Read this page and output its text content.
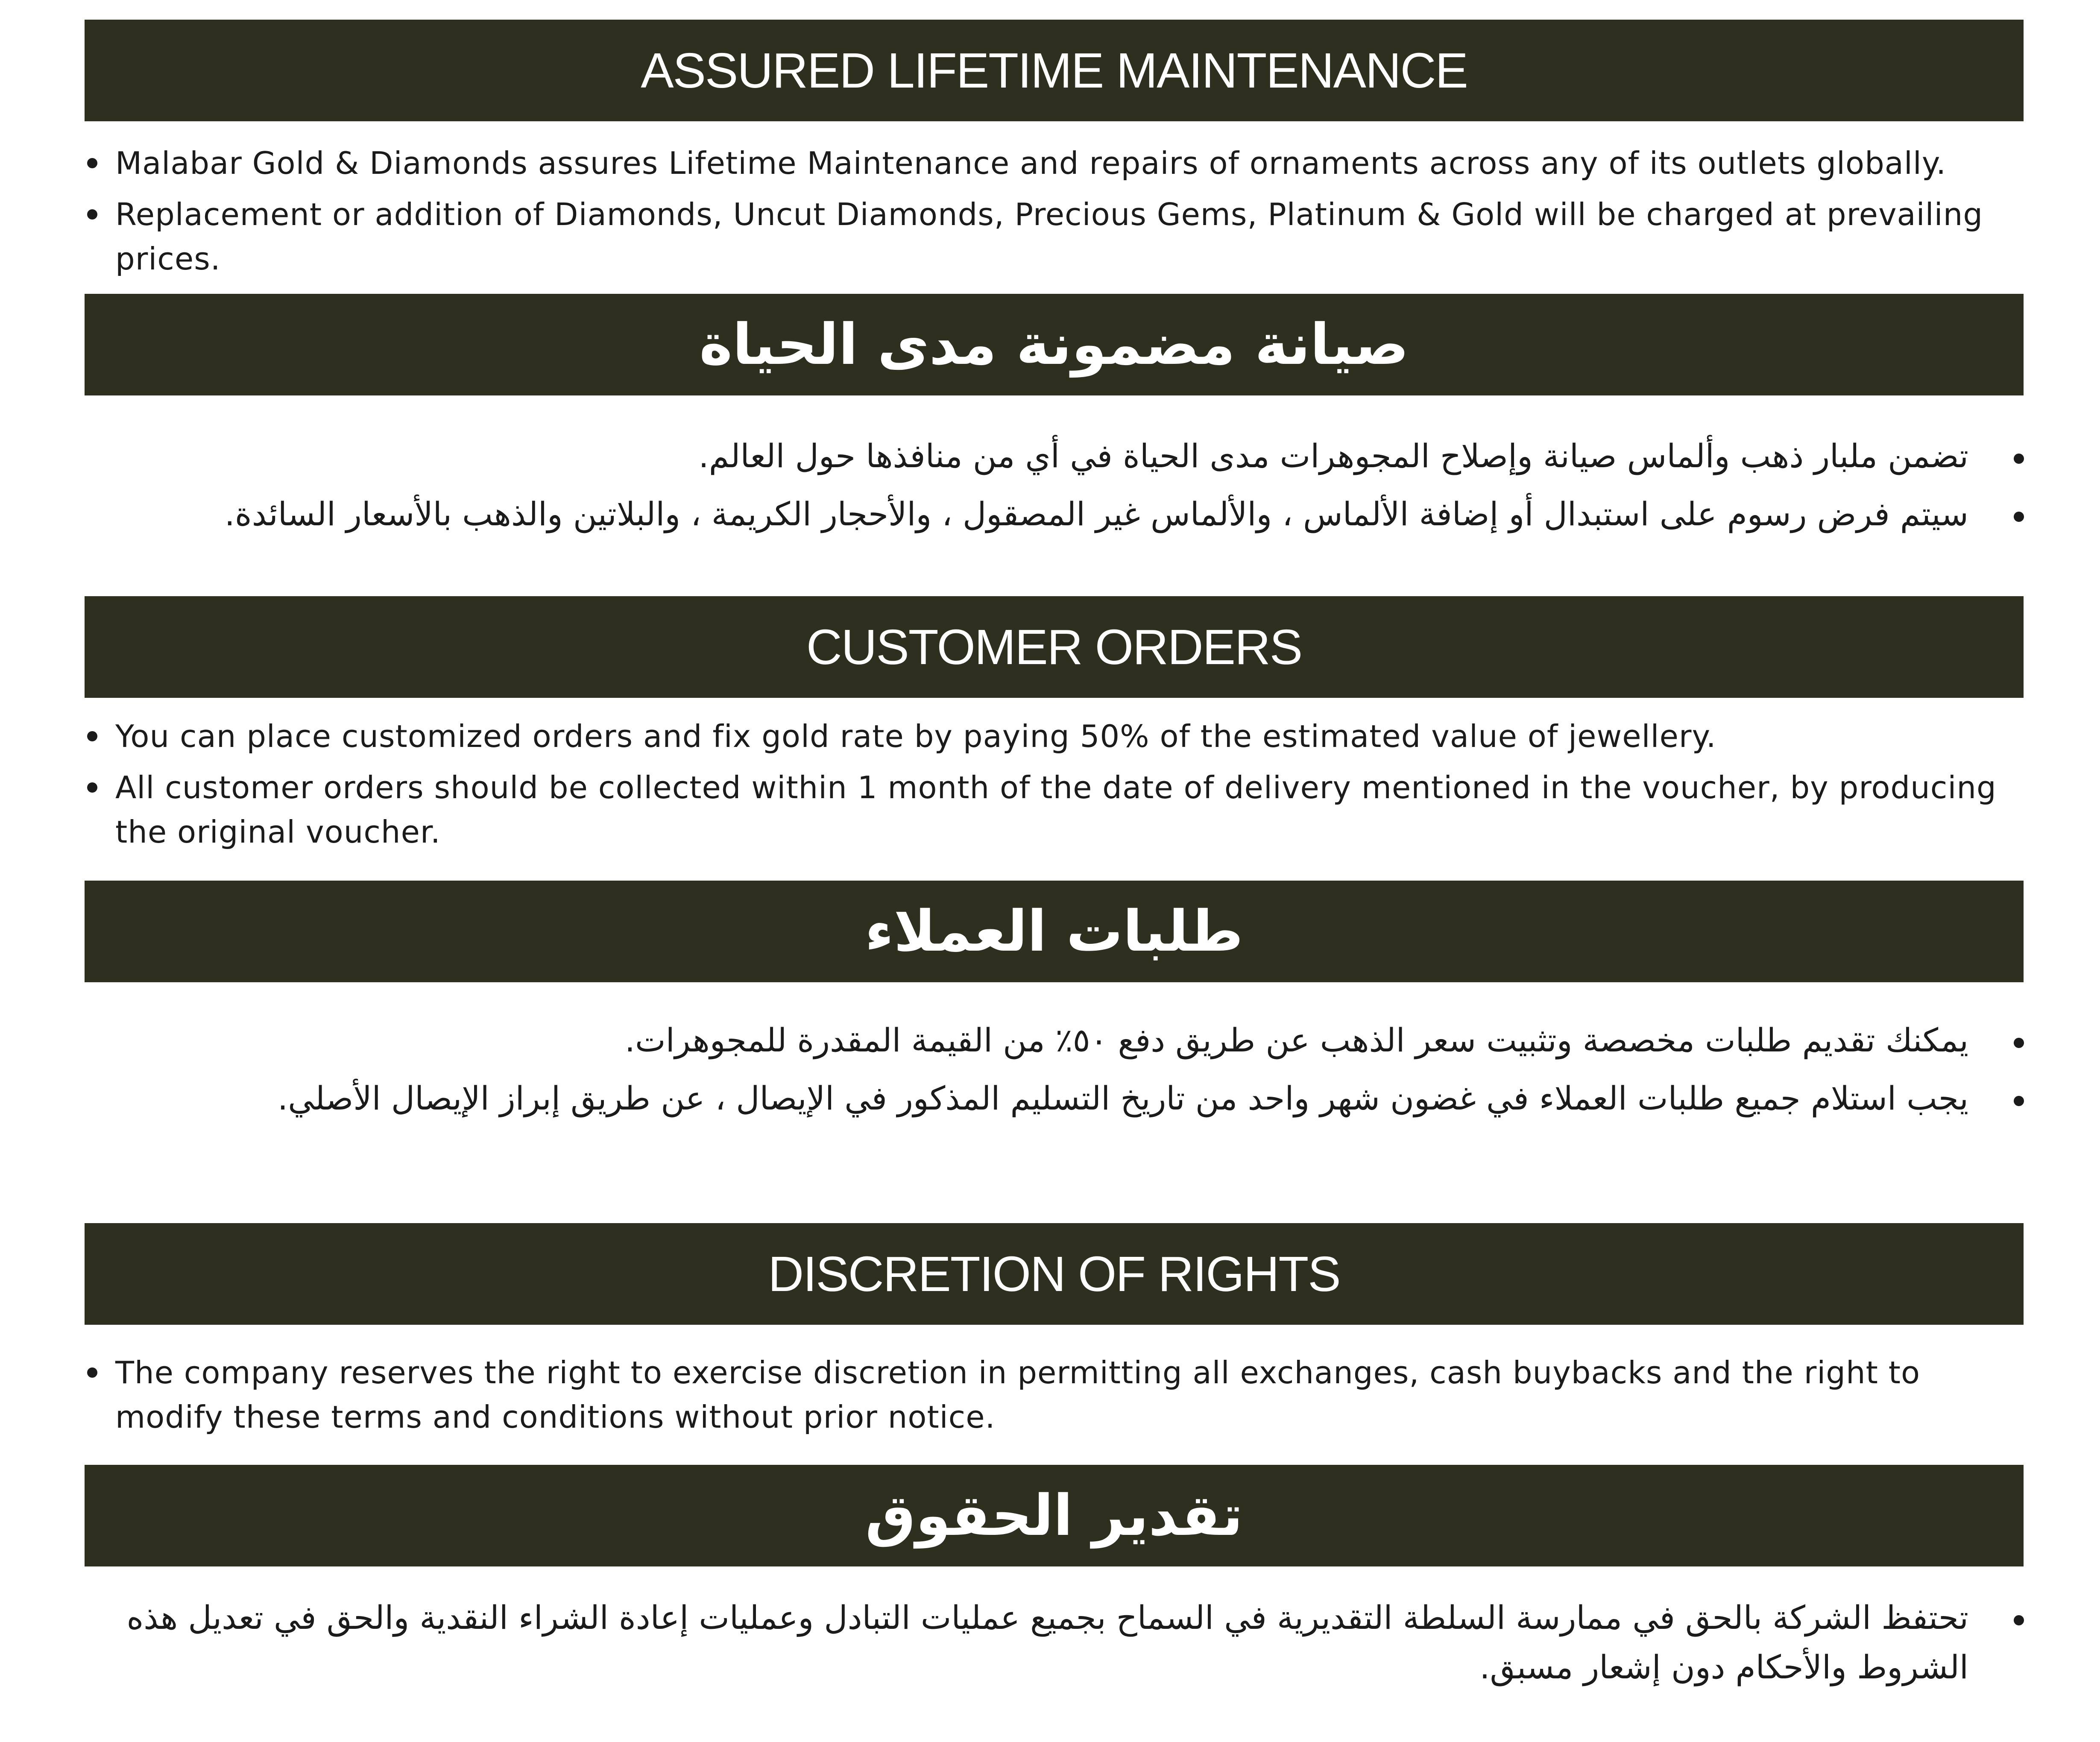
ASSURED LIFETIME MAINTENANCE
Malabar Gold & Diamonds assures Lifetime Maintenance and repairs of ornaments across any of its outlets globally.
Replacement or addition of Diamonds, Uncut Diamonds, Precious Gems, Platinum & Gold will be charged at prevailing prices.
صيانة مضمونة مدى الحياة
تضمن ملبار ذهب وألماس صيانة وإصلاح المجوهرات مدى الحياة في أي من منافذها حول العالم.
سيتم فرض رسوم على استبدال أو إضافة الألماس ، والألماس غير المصقول ، والأحجار الكريمة ، والبلاتين والذهب بالأسعار السائدة.
CUSTOMER ORDERS
You can place customized orders and fix gold rate by paying 50% of the estimated value of jewellery.
All customer orders should be collected within 1 month of the date of delivery mentioned in the voucher, by producing the original voucher.
طلبات العملاء
يمكنك تقديم طلبات مخصصة وتثبيت سعر الذهب عن طريق دفع ٥٠٪ من القيمة المقدرة للمجوهرات.
يجب استلام جميع طلبات العملاء في غضون شهر واحد من تاريخ التسليم المذكور في الإيصال ، عن طريق إبراز الإيصال الأصلي.
DISCRETION OF RIGHTS
The company reserves the right to exercise discretion in permitting all exchanges, cash buybacks and the right to modify these terms and conditions without prior notice.
تقدير الحقوق
تحتفظ الشركة بالحق في ممارسة السلطة التقديرية في السماح بجميع عمليات التبادل وعمليات إعادة الشراء النقدية والحق في تعديل هذه الشروط والأحكام دون إشعار مسبق.
